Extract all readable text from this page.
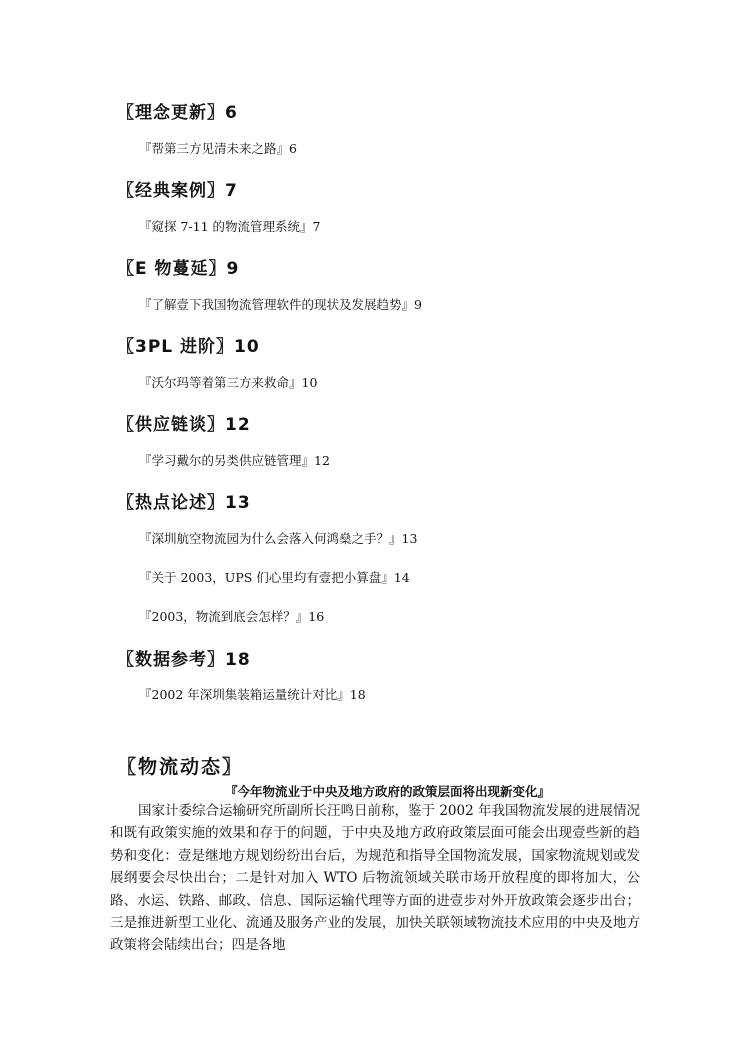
〖理念更新〗6
『帮第三方见清未来之路』6
〖经典案例〗7
『窥探 7-11 的物流管理系统』7
〖E 物蔓延〗9
『了解壹下我国物流管理软件的现状及发展趋势』9
〖3PL 进阶〗10
『沃尔玛等着第三方来救命』10
〖供应链谈〗12
『学习戴尔的另类供应链管理』12
〖热点论述〗13
『深圳航空物流园为什么会落入何鸿燊之手？』13
『关于 2003，UPS 们心里均有壹把小算盘』14
『2003，物流到底会怎样？』16
〖数据参考〗18
『2002 年深圳集装箱运量统计对比』18
〖物流动态〗
『今年物流业于中央及地方政府的政策层面将出现新变化』

国家计委综合运输研究所副所长汪鸣日前称，鉴于 2002 年我国物流发展的进展情况和既有政策实施的效果和存于的问题，于中央及地方政府政策层面可能会出现壹些新的趋势和变化：壹是继地方规划纷纷出台后，为规范和指导全国物流发展，国家物流规划或发展纲要会尽快出台；二是针对加入 WTO 后物流领域关联市场开放程度的即将加大，公路、水运、铁路、邮政、信息、国际运输代理等方面的进壹步对外开放政策会逐步出台；三是推进新型工业化、流通及服务产业的发展，加快关联领域物流技术应用的中央及地方政策将会陆续出台；四是各地
